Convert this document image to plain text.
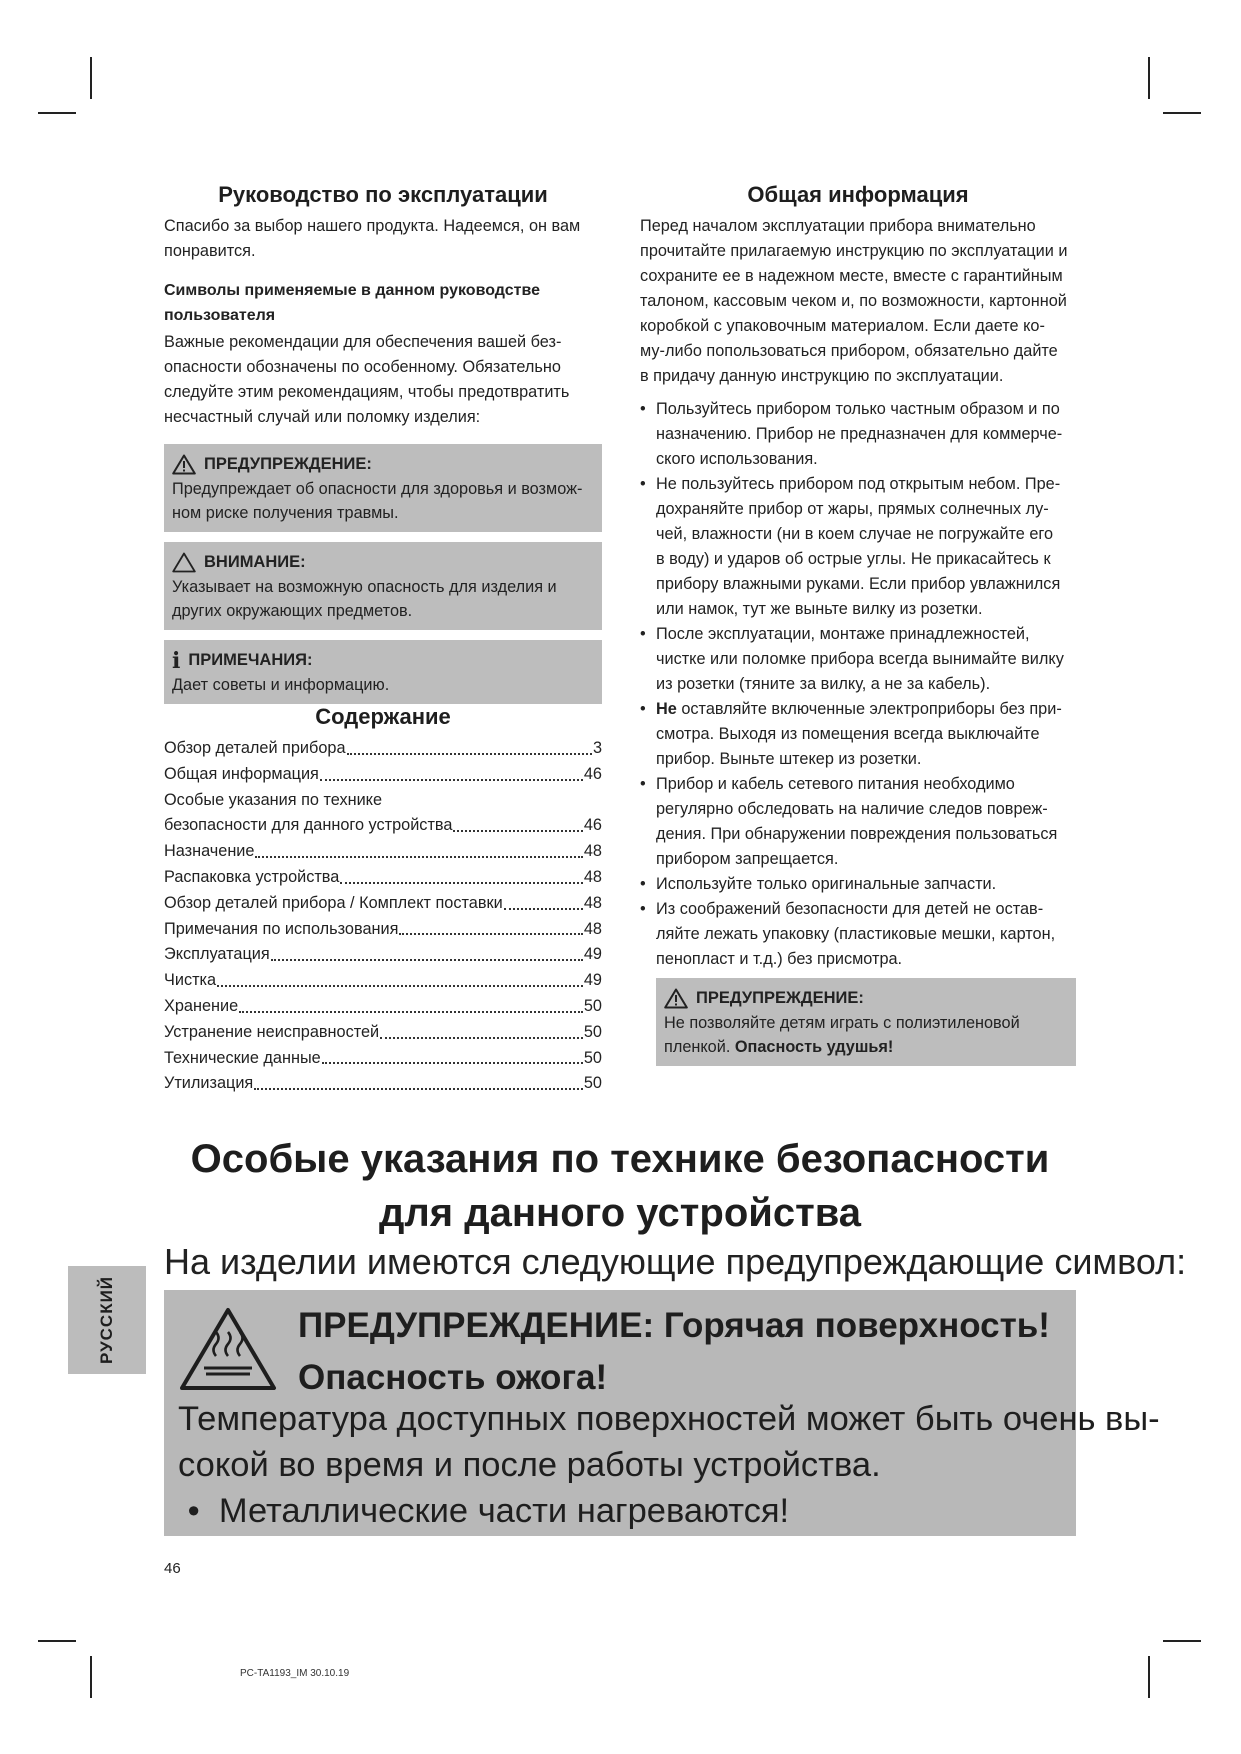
Руководство по эксплуатации

Спасибо за выбор нашего продукта. Надеемся, он вам
понравится.

Символы применяемые в данном руководстве
пользователя

Важные рекомендации для обеспечения вашей без-
опасности обозначены по особенному. Обязательно
следуйте этим рекомендациям, чтобы предотвратить
несчастный случай или поломку изделия:

ПРЕДУПРЕЖДЕНИЕ:
Предупреждает об опасности для здоровья и возмож-
ном риске получения травмы.
ВНИМАНИЕ:
Указывает на возможную опасность для изделия и
других окружающих предметов.
i ПРИМЕЧАНИЯ:
Дает советы и информацию.
Содержание
Обзор деталей прибора	3
Общая информация	46
Особые указания по технике
безопасности для данного устройства	46
Назначение	48
Распаковка устройства	48
Обзор деталей прибора / Комплект поставки	48
Примечания по использования	48
Эксплуатация	49
Чистка	49
Хранение	50
Устранение неисправностей	50
Технические данные	50
Утилизация	50
Общая информация

Перед началом эксплуатации прибора внимательно
прочитайте прилагаемую инструкцию по эксплуатации и
сохраните ее в надежном месте, вместе с гарантийным
талоном, кассовым чеком и, по возможности, картонной
коробкой с упаковочным материалом. Если даете ко-
му-либо попользоваться прибором, обязательно дайте
в придачу данную инструкцию по эксплуатации.

• Пользуйтесь прибором только частным образом и по
назначению. Прибор не предназначен для коммерче-
ского использования.
• Не пользуйтесь прибором под открытым небом. Пре-
дохраняйте прибор от жары, прямых солнечных лу-
чей, влажности (ни в коем случае не погружайте его
в воду) и ударов об острые углы. Не прикасайтесь к
прибору влажными руками. Если прибор увлажнился
или намок, тут же выньте вилку из розетки.
• После эксплуатации, монтаже принадлежностей,
чистке или поломке прибора всегда вынимайте вилку
из розетки (тяните за вилку, а не за кабель).
• Не оставляйте включенные электроприборы без при-
смотра. Выходя из помещения всегда выключайте
прибор. Выньте штекер из розетки.
• Прибор и кабель сетевого питания необходимо
регулярно обследовать на наличие следов повреж-
дения. При обнаружении повреждения пользоваться
прибором запрещается.
• Используйте только оригинальные запчасти.
• Из соображений безопасности для детей не остав-
ляйте лежать упаковку (пластиковые мешки, картон,
пенопласт и т.д.) без присмотра.
ПРЕДУПРЕЖДЕНИЕ:
Не позволяйте детям играть с полиэтиленовой
пленкой. Опасность удушья!
Особые указания по технике безопасности
для данного устройства
На изделии имеются следующие предупреждающие символ:
ПРЕДУПРЕЖДЕНИЕ: Горячая поверхность!
Опасность ожога!
Температура доступных поверхностей может быть очень вы-
сокой во время и после работы устройства.
•  Металлические части нагреваются!
РУССКИЙ
46
PC-TA1193_IM 30.10.19
